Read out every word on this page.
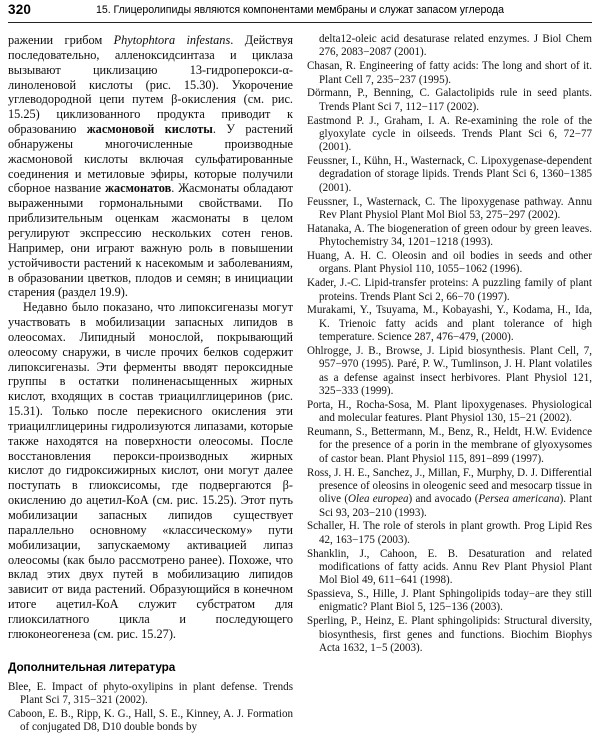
320	15. Глицеролипиды являются компонентами мембраны и служат запасом углерода

ражении грибом Phytophtora infestans. Действуя последовательно, алленоксидсинтаза и циклаза вызывают циклизацию 13-гидроперокси-α-линоленовой кислоты (рис. 15.30). Укорочение углеводородной цепи путем β-окисления (см. рис. 15.25) циклизованного продукта приводит к образованию жасмоновой кислоты. У растений обнаружены многочисленные производные жасмоновой кислоты включая сульфатированные соединения и метиловые эфиры, которые получили сборное название жасмонатов. Жасмонаты обладают выраженными гормональными свойствами. По приблизительным оценкам жасмонаты в целом регулируют экспрессию нескольких сотен генов. Например, они играют важную роль в повышении устойчивости растений к насекомым и заболеваниям, в образовании цветков, плодов и семян; в инициации старения (раздел 19.9).

Недавно было показано, что липоксигеназы могут участвовать в мобилизации запасных липидов в олеосомах. Липидный монослой, покрывающий олеосому снаружи, в числе прочих белков содержит липоксигеназы. Эти ферменты вводят пероксидные группы в остатки полиненасыщенных жирных кислот, входящих в состав триацилглицеринов (рис. 15.31). Только после перекисного окисления эти триацилглицерины гидролизуются липазами, которые также находятся на поверхности олеосомы. После восстановления перокси-производных жирных кислот до гидроксижирных кислот, они могут далее поступать в глиоксисомы, где подвергаются β-окислению до ацетил-КоА (см. рис. 15.25). Этот путь мобилизации запасных липидов существует параллельно основному «классическому» пути мобилизации, запускаемому активацией липаз олеосомы (как было рассмотрено ранее). Похоже, что вклад этих двух путей в мобилизацию липидов зависит от вида растений. Образующийся в конечном итоге ацетил-КоА служит субстратом для глиоксилатного цикла и последующего глюконеогенеза (см. рис. 15.27).

Дополнительная литература
Blee, E. Impact of phyto-oxylipins in plant defense. Trends Plant Sci 7, 315−321 (2002).
Caboon, E. B., Ripp, K. G., Hall, S. E., Kinney, A. J. Formation of conjugated D8, D10 double bonds by
delta12-oleic acid desaturase related enzymes. J Biol Chem 276, 2083−2087 (2001).
Chasan, R. Engineering of fatty acids: The long and short of it. Plant Cell 7, 235−237 (1995).
Dörmann, P., Benning, C. Galactolipids rule in seed plants. Trends Plant Sci 7, 112−117 (2002).
Eastmond P. J., Graham, I. A. Re-examining the role of the glyoxylate cycle in oilseeds. Trends Plant Sci 6, 72−77 (2001).
Feussner, I., Kühn, H., Wasternack, C. Lipoxygenase-dependent degradation of storage lipids. Trends Plant Sci 6, 1360−1385 (2001).
Feussner, I., Wasternack, C. The lipoxygenase pathway. Annu Rev Plant Physiol Plant Mol Biol 53, 275−297 (2002).
Hatanaka, A. The biogeneration of green odour by green leaves. Phytochemistry 34, 1201−1218 (1993).
Huang, A. H. C. Oleosin and oil bodies in seeds and other organs. Plant Physiol 110, 1055−1062 (1996).
Kader, J.-C. Lipid-transfer proteins: A puzzling family of plant proteins. Trends Plant Sci 2, 66−70 (1997).
Murakami, Y., Tsuyama, M., Kobayashi, Y., Kodama, H., Ida, K. Trienoic fatty acids and plant tolerance of high temperature. Science 287, 476−479, (2000).
Ohlrogge, J. B., Browse, J. Lipid biosynthesis. Plant Cell, 7, 957−970 (1995). Paré, P. W., Tumlinson, J. H. Plant volatiles as a defense against insect herbivores. Plant Physiol 121, 325−333 (1999).
Porta, H., Rocha-Sosa, M. Plant lipoxygenases. Physiological and molecular features. Plant Physiol 130, 15−21 (2002).
Reumann, S., Bettermann, M., Benz, R., Heldt, H.W. Evidence for the presence of a porin in the membrane of glyoxysomes of castor bean. Plant Physiol 115, 891−899 (1997).
Ross, J. H. E., Sanchez, J., Millan, F., Murphy, D. J. Differential presence of oleosins in oleogenic seed and mesocarp tissue in olive (Olea europea) and avocado (Persea americana). Plant Sci 93, 203−210 (1993).
Schaller, H. The role of sterols in plant growth. Prog Lipid Res 42, 163−175 (2003).
Shanklin, J., Cahoon, E. B. Desaturation and related modifications of fatty acids. Annu Rev Plant Physiol Plant Mol Biol 49, 611−641 (1998).
Spassieva, S., Hille, J. Plant Sphingolipids today−are they still enigmatic? Plant Biol 5, 125−136 (2003).
Sperling, P., Heinz, E. Plant sphingolipids: Structural diversity, biosynthesis, first genes and functions. Biochim Biophys Acta 1632, 1−5 (2003).
